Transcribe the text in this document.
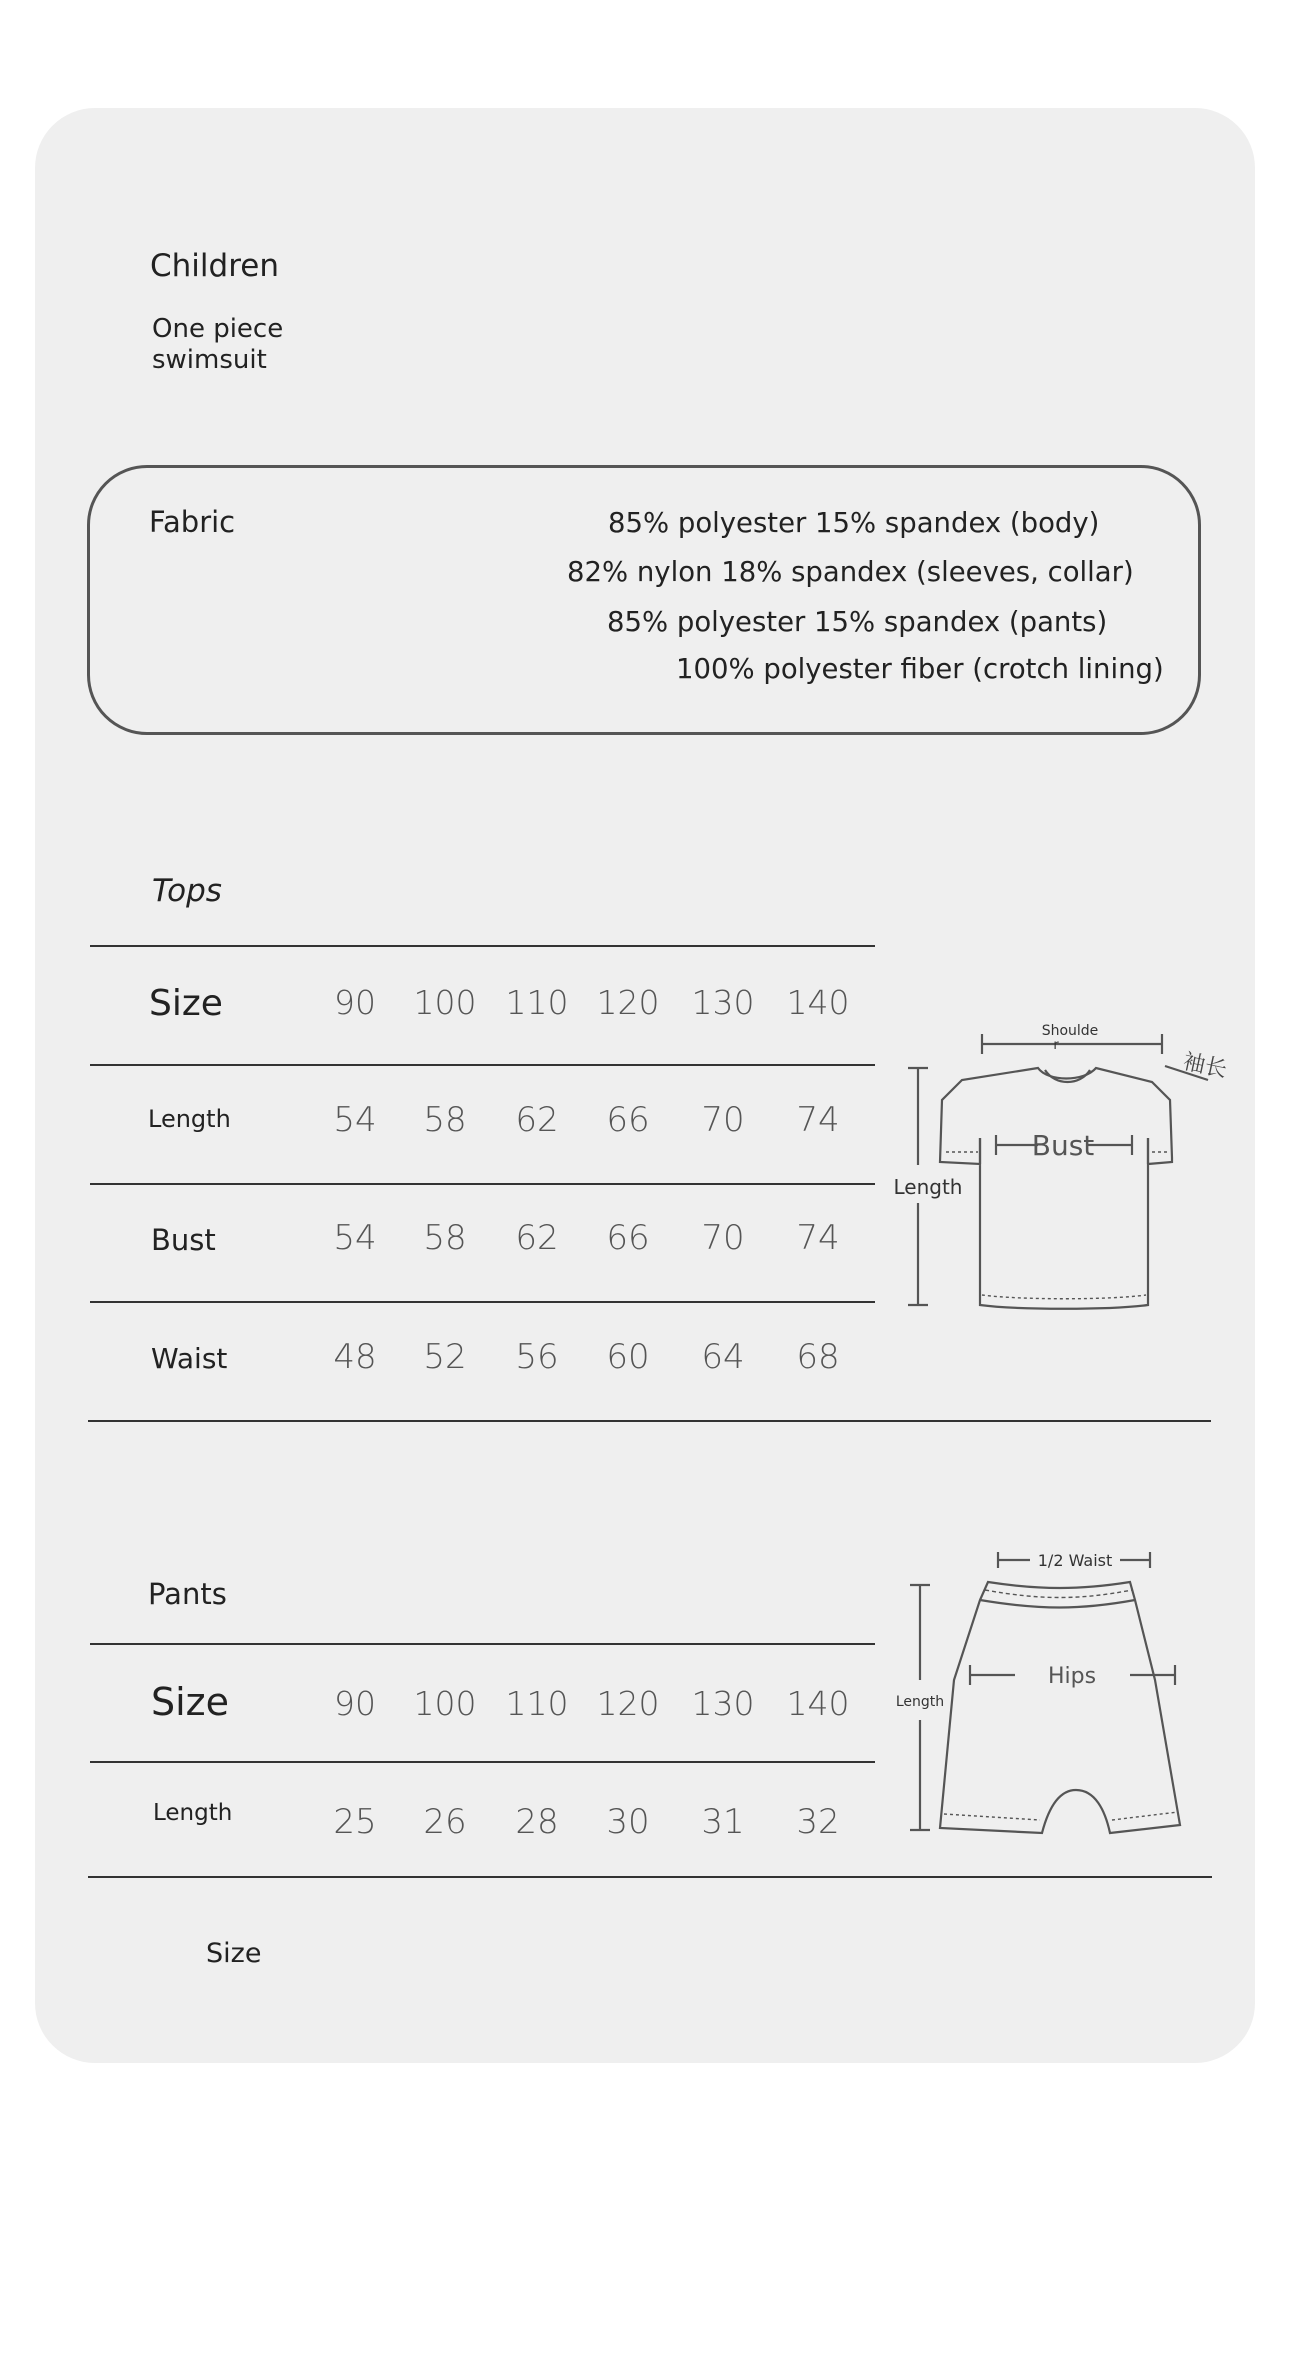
Children
One piece
swimsuit
Fabric	85% polyester 15% spandex (body)
82% nylon 18% spandex (sleeves, collar)
85% polyester 15% spandex (pants)
100% polyester fiber (crotch lining)
Tops
Size	90	100 110 120 130 140
Length	54	58	62	66	70	74
Bust	54	58	62	66	70	74
Waist	48	52	56	60	64	68
Length
Shoulde
r
Bust
袖长
Pants
Size	90	100 110 120 130 140
Length	25	26	28	30	31	32
1/2 Waist
Hips
Length
Size
